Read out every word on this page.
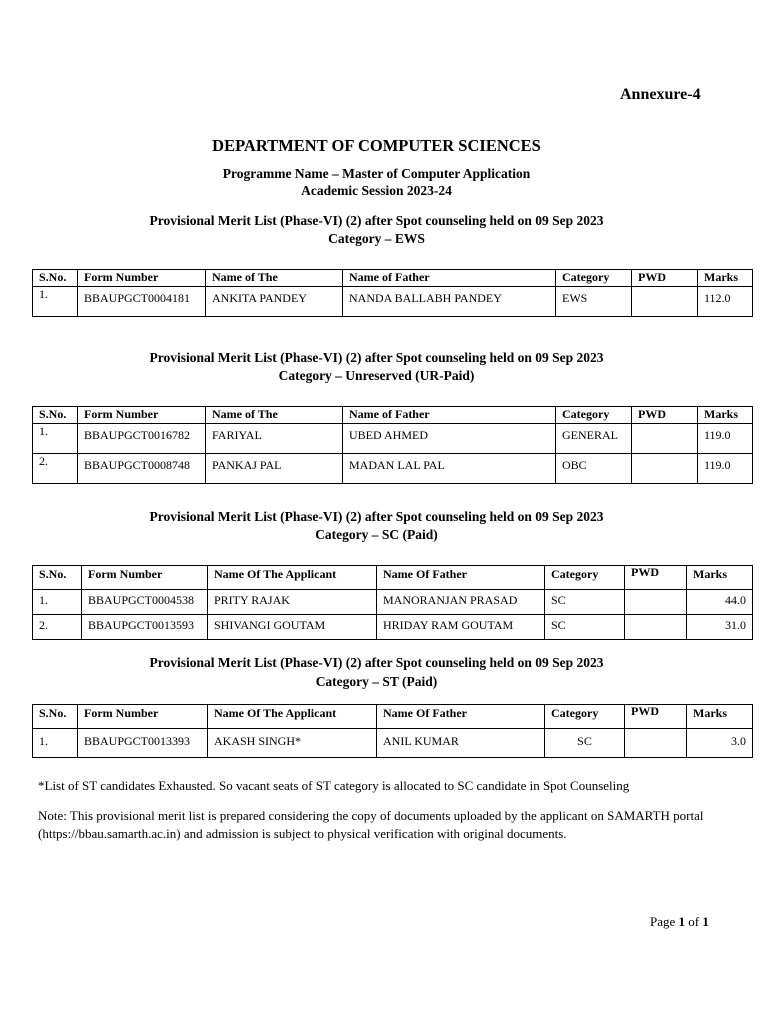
Annexure-4
DEPARTMENT OF COMPUTER SCIENCES
Programme Name – Master of Computer Application
Academic Session 2023-24
Provisional Merit List (Phase-VI) (2) after Spot counseling held on 09 Sep 2023
Category – EWS
S.No.	Form Number	Name of The	Name of Father	Category	PWD	Marks
1.	BBAUPGCT0004181	ANKITA PANDEY	NANDA BALLABH PANDEY	EWS		112.0
Provisional Merit List (Phase-VI) (2) after Spot counseling held on 09 Sep 2023
Category – Unreserved (UR-Paid)
S.No.	Form Number	Name of The	Name of Father	Category	PWD	Marks
1.	BBAUPGCT0016782	FARIYAL	UBED AHMED	GENERAL		119.0
2.	BBAUPGCT0008748	PANKAJ PAL	MADAN LAL PAL	OBC		119.0
Provisional Merit List (Phase-VI) (2) after Spot counseling held on 09 Sep 2023
Category – SC (Paid)
S.No.	Form Number	Name Of The Applicant	Name Of Father	Category	PWD	Marks
1.	BBAUPGCT0004538	PRITY RAJAK	MANORANJAN PRASAD	SC		44.0
2.	BBAUPGCT0013593	SHIVANGI GOUTAM	HRIDAY RAM GOUTAM	SC		31.0
Provisional Merit List (Phase-VI) (2) after Spot counseling held on 09 Sep 2023
Category – ST (Paid)
S.No.	Form Number	Name Of The Applicant	Name Of Father	Category	PWD	Marks
1.	BBAUPGCT0013393	AKASH SINGH*	ANIL KUMAR	SC		3.0
*List of ST candidates Exhausted. So vacant seats of ST category is allocated to SC candidate in Spot Counseling
Note: This provisional merit list is prepared considering the copy of documents uploaded by the applicant on SAMARTH portal (https://bbau.samarth.ac.in) and admission is subject to physical verification with original documents.
Page 1 of 1
